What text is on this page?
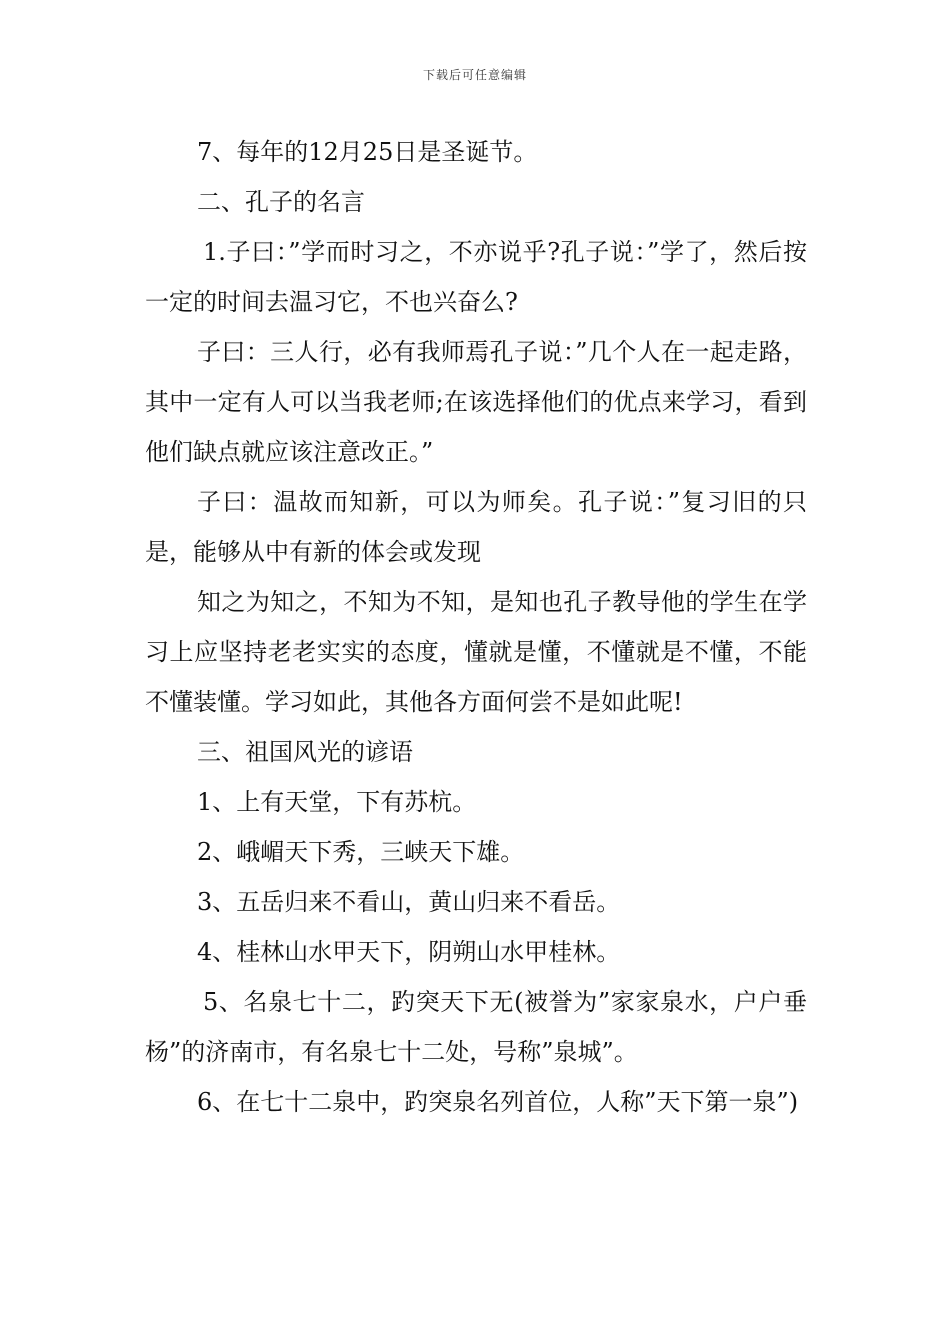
下载后可任意编辑

7、每年的12月25日是圣诞节。

二、孔子的名言

1.子曰：”学而时习之，不亦说乎?孔子说：”学了，然后按一定的时间去温习它，不也兴奋么?

子曰：三人行，必有我师焉孔子说：”几个人在一起走路，其中一定有人可以当我老师;在该选择他们的优点来学习，看到他们缺点就应该注意改正。”

子曰：温故而知新，可以为师矣。孔子说：”复习旧的只是，能够从中有新的体会或发现

知之为知之，不知为不知，是知也孔子教导他的学生在学习上应坚持老老实实的态度，懂就是懂，不懂就是不懂，不能不懂装懂。学习如此，其他各方面何尝不是如此呢!

三、祖国风光的谚语

1、上有天堂，下有苏杭。

2、峨嵋天下秀，三峡天下雄。

3、五岳归来不看山，黄山归来不看岳。

4、桂林山水甲天下，阴朔山水甲桂林。

5、名泉七十二，趵突天下无(被誉为”家家泉水，户户垂杨”的济南市，有名泉七十二处，号称”泉城”。

6、在七十二泉中，趵突泉名列首位，人称”天下第一泉”)
